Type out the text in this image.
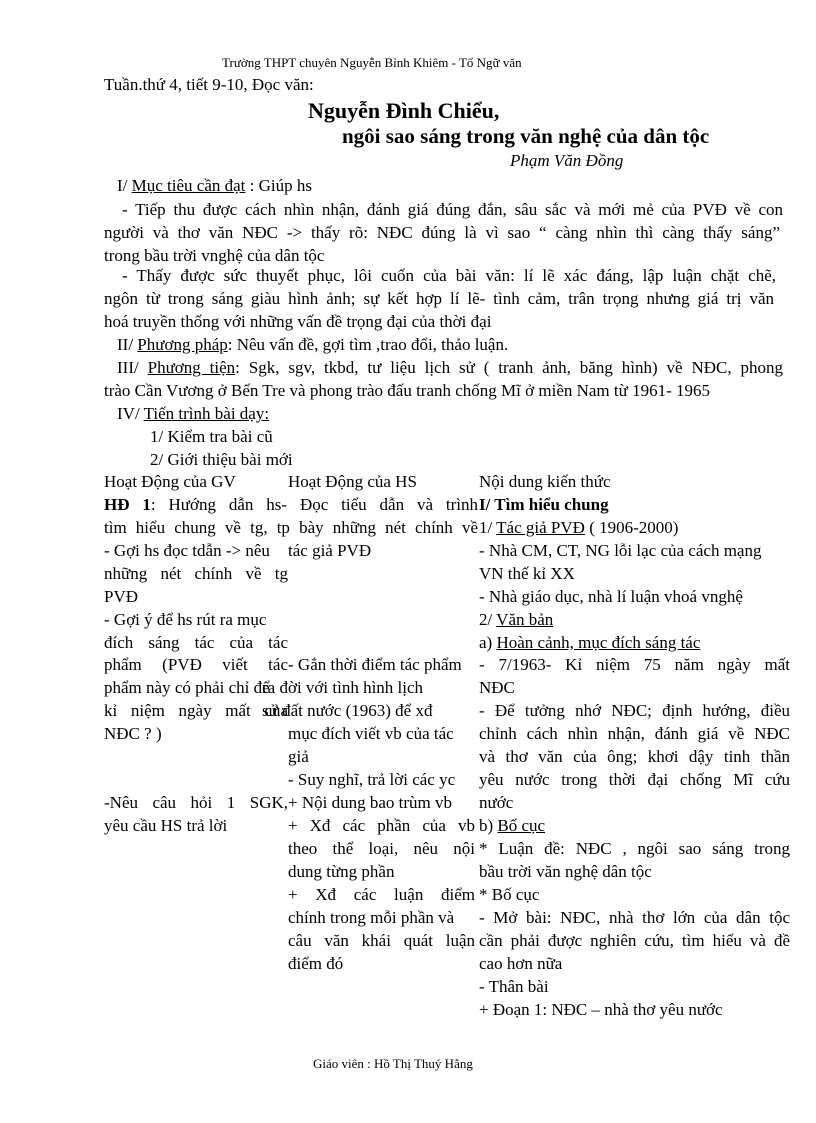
Trường THPT chuyên Nguyễn Bỉnh Khiêm - Tổ Ngữ văn
Tuần.thứ 4, tiết 9-10, Đọc văn:
Nguyễn Đình Chiểu,
ngôi sao sáng trong văn nghệ của dân tộc
Phạm Văn Đồng
I/ Mục tiêu cần đạt : Giúp hs
- Tiếp thu được cách nhìn nhận, đánh giá đúng đắn, sâu sắc và mới mẻ của PVĐ về con
người và thơ văn NĐC -> thấy rõ: NĐC đúng là vì sao “ càng nhìn thì càng thấy sáng”
trong bầu trời vnghệ của dân tộc
- Thấy được sức thuyết phục, lôi cuốn của bài văn: lí lẽ xác đáng, lập luận chặt chẽ,
ngôn từ trong sáng giàu hình ảnh; sự kết hợp lí lẽ- tình cảm, trân trọng nhưng giá trị văn
hoá truyền thống với những vấn đề trọng đại của thời đại
II/ Phương pháp: Nêu vấn đề, gợi tìm ,trao đổi, thảo luận.
III/ Phương tiện: Sgk, sgv, tkbd, tư liệu lịch sử ( tranh ảnh, băng hình) về NĐC, phong
trào Cần Vương ở Bến Tre và phong trào đấu tranh chống Mĩ ở miền Nam từ 1961- 1965
IV/ Tiến trình bài dạy:
1/ Kiểm tra bài cũ
2/ Giới thiệu bài mới
Hoạt Động của GV	Hoạt Động của HS	Nội dung kiến thức
HĐ 1: Hướng dẫn hs- Đọc tiểu dẫn và trình
tìm hiểu chung về tg, tp bày những nét chính về
- Gợi hs đọc tdẫn -> nêu tác giả PVĐ
những nét chính về tg
PVĐ
- Gợi ý để hs rút ra mục
đích sáng tác của tác
phẩm (PVĐ viết tác
phẩm này có phải chỉ để
kỉ niệm ngày mất của
NĐC ? )
-Nêu câu hỏi 1 SGK,
yêu cầu HS trả lời
- Gắn thời điểm tác phẩm
ra đời với tình hình lịch
sử đất nước (1963) để xđ
mục đích viết vb của tác
giả
- Suy nghĩ, trả lời các yc
+ Nội dung bao trùm vb
+ Xđ các phần của vb
theo thể loại, nêu nội
dung từng phần
+ Xđ các luận điểm
chính trong mỗi phần và
câu văn khái quát luận
điểm đó
I/ Tìm hiểu chung
1/ Tác giả PVĐ ( 1906-2000)
- Nhà CM, CT, NG lỗi lạc của cách mạng
VN thế kỉ XX
- Nhà giáo dục, nhà lí luận vhoá vnghệ
2/ Văn bản
a) Hoàn cảnh, mục đích sáng tác
- 7/1963- Kỉ niệm 75 năm ngày mất
NĐC
- Để tưởng nhớ NĐC; định hướng, điều
chỉnh cách nhìn nhận, đánh giá về NĐC
và thơ văn của ông; khơi dậy tinh thần
yêu nước trong thời đại chống Mĩ cứu
nước
b) Bố cục
* Luận đề: NĐC , ngôi sao sáng trong
bầu trời văn nghệ dân tộc
* Bố cục
- Mở bài: NĐC, nhà thơ lớn của dân tộc
cần phải được nghiên cứu, tìm hiểu và đề
cao hơn nữa
- Thân bài
+ Đoạn 1: NĐC – nhà thơ yêu nước
Giáo viên : Hồ Thị Thuý Hằng
